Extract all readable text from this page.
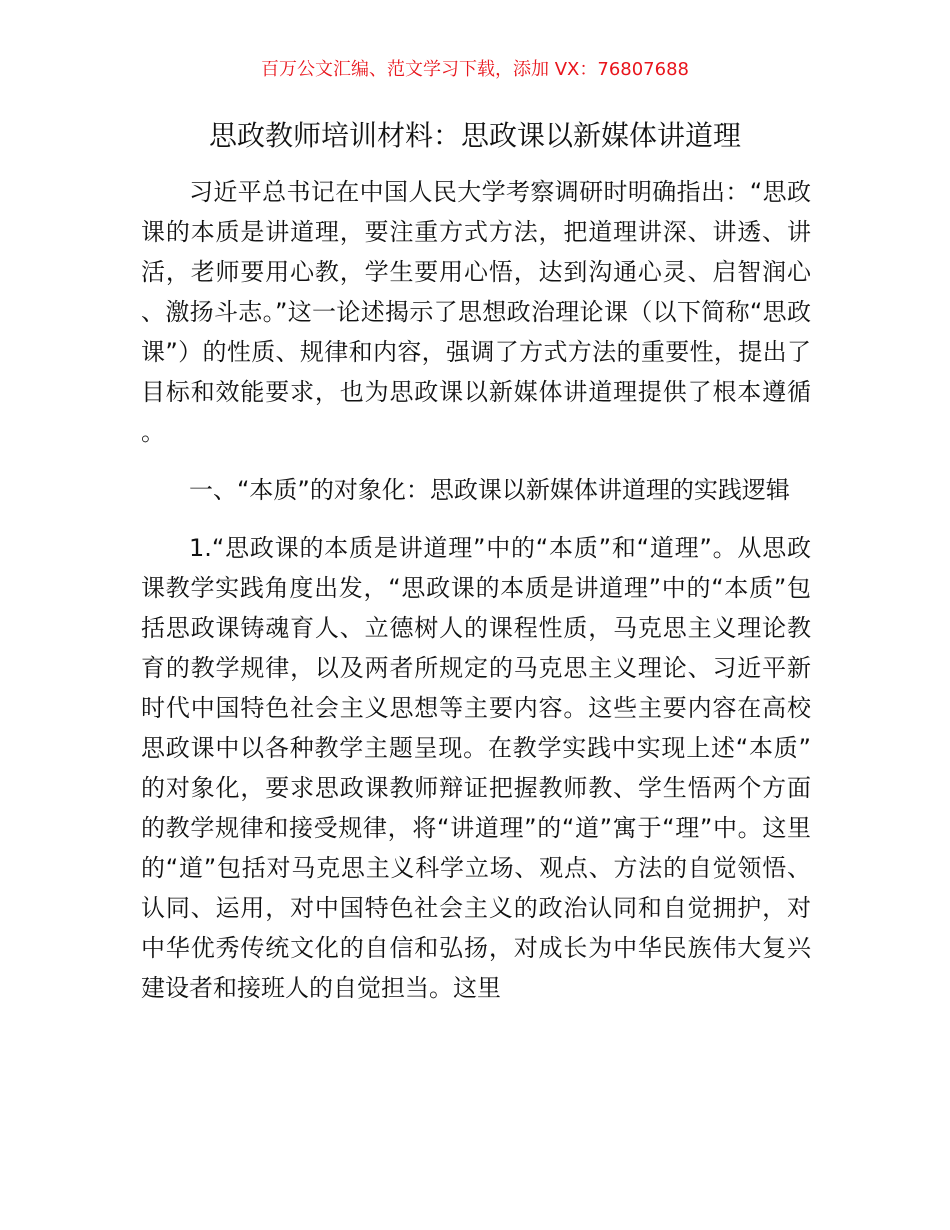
百万公文汇编、范文学习下载，添加 VX：76807688
思政教师培训材料：思政课以新媒体讲道理

习近平总书记在中国人民大学考察调研时明确指出：“思政课的本质是讲道理，要注重方式方法，把道理讲深、讲透、讲活，老师要用心教，学生要用心悟，达到沟通心灵、启智润心、激扬斗志。”这一论述揭示了思想政治理论课（以下简称“思政课”）的性质、规律和内容，强调了方式方法的重要性，提出了目标和效能要求，也为思政课以新媒体讲道理提供了根本遵循。

一、“本质”的对象化：思政课以新媒体讲道理的实践逻辑

1.“思政课的本质是讲道理”中的“本质”和“道理”。从思政课教学实践角度出发，“思政课的本质是讲道理”中的“本质”包括思政课铸魂育人、立德树人的课程性质，马克思主义理论教育的教学规律，以及两者所规定的马克思主义理论、习近平新时代中国特色社会主义思想等主要内容。这些主要内容在高校思政课中以各种教学主题呈现。在教学实践中实现上述“本质”的对象化，要求思政课教师辩证把握教师教、学生悟两个方面的教学规律和接受规律，将“讲道理”的“道”寓于“理”中。这里的“道”包括对马克思主义科学立场、观点、方法的自觉领悟、认同、运用，对中国特色社会主义的政治认同和自觉拥护，对中华优秀传统文化的自信和弘扬，对成长为中华民族伟大复兴建设者和接班人的自觉担当。这里
